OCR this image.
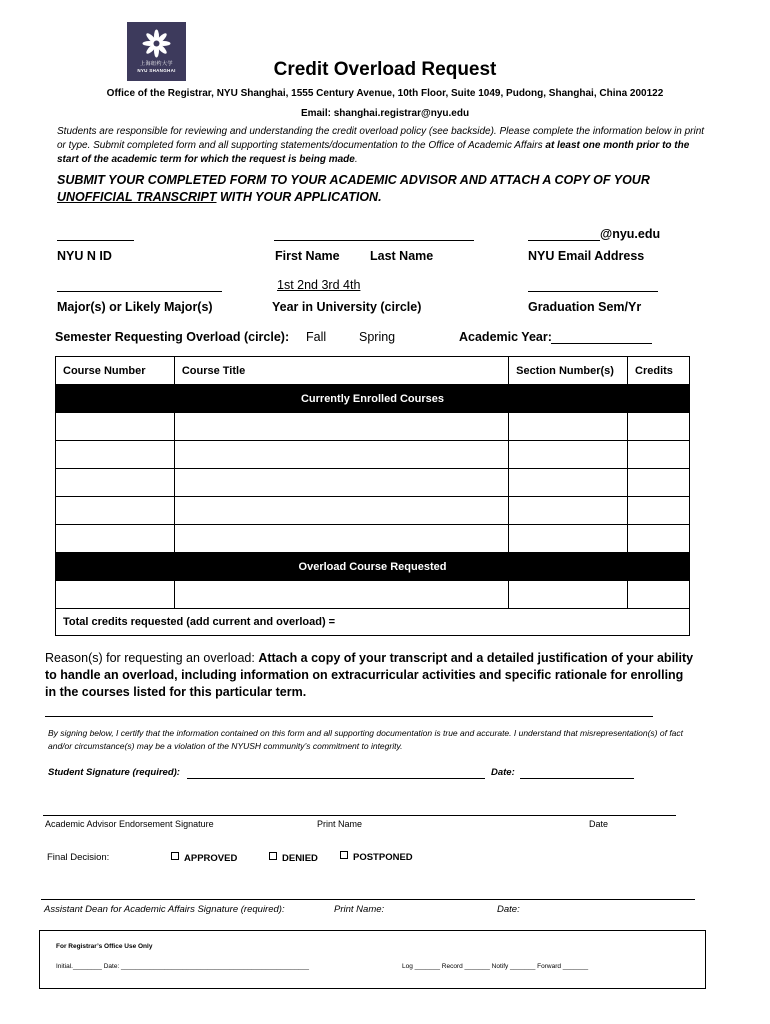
上海纽约大学
NYU SHANGHAI	Credit Overload Request
Office of the Registrar, NYU Shanghai, 1555 Century Avenue, 10th Floor, Suite 1049, Pudong, Shanghai, China 200122
Email: shanghai.registrar@nyu.edu
Students are responsible for reviewing and understanding the credit overload policy (see backside). Please complete the information below in print or type. Submit completed form and all supporting statements/documentation to the Office of Academic Affairs at least one month prior to the start of the academic term for which the request is being made.
SUBMIT YOUR COMPLETED FORM TO YOUR ACADEMIC ADVISOR AND ATTACH A COPY OF YOUR UNOFFICIAL TRANSCRIPT WITH YOUR APPLICATION.
@nyu.edu
NYU N ID	First Name Last Name	NYU Email Address
1st 2nd 3rd 4th
Major(s) or Likely Major(s)	Year in University (circle)	Graduation Sem/Yr
Semester Requesting Overload (circle): Fall	Spring	Academic Year:
Course Number	Course Title	Section Number(s)	Credits
Currently Enrolled Courses			

Overload Course Requested			

Total credits requested (add current and overload) =			
Reason(s) for requesting an overload: Attach a copy of your transcript and a detailed justification of your ability to handle an overload, including information on extracurricular activities and specific rationale for enrolling in the courses listed for this particular term.
By signing below, I certify that the information contained on this form and all supporting documentation is true and accurate. I understand that misrepresentation(s) of fact and/or circumstance(s) may be a violation of the NYUSH community’s commitment to integrity.
Student Signature (required):	Date:
Academic Advisor Endorsement Signature	Print Name	Date
Final Decision:	APPROVED	DENIED	POSTPONED
Assistant Dean for Academic Affairs Signature (required):	Print Name:	Date:
For Registrar’s Office Use Only
Initial.________ Date: ____________________________________________________	Log _______ Record _______ Notify _______ Forward _______
